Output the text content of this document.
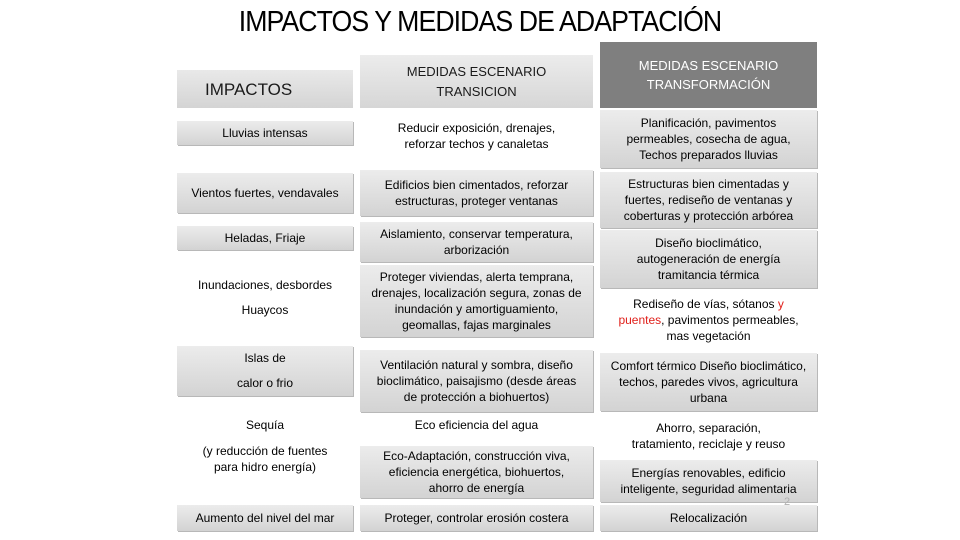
IMPACTOS Y MEDIDAS DE ADAPTACIÓN
IMPACTOS
MEDIDAS ESCENARIO TRANSICION
MEDIDAS ESCENARIO TRANSFORMACIÓN
Lluvias intensas
Vientos fuertes, vendavales
Heladas, Friaje
Inundaciones, desbordes
Huaycos
Islas de
calor o frio
Sequía
(y reducción de fuentes para hidro energía)
Aumento del nivel del mar
Reducir exposición, drenajes, reforzar techos y canaletas
Edificios bien cimentados, reforzar estructuras, proteger ventanas
Aislamiento, conservar temperatura, arborización
Proteger viviendas, alerta temprana, drenajes, localización segura, zonas de inundación y amortiguamiento, geomallas, fajas marginales
Ventilación natural y sombra, diseño bioclimático, paisajismo (desde áreas de protección a biohuertos)
Eco eficiencia del agua
Eco-Adaptación, construcción viva, eficiencia energética, biohuertos, ahorro de energía
Proteger, controlar erosión costera
Planificación, pavimentos permeables, cosecha de agua, Techos preparados lluvias
Estructuras bien cimentadas y fuertes, rediseño de ventanas y coberturas y protección arbórea
Diseño bioclimático, autogeneración de energía tramitancia térmica
Rediseño de vías, sótanos y puentes, pavimentos permeables, mas vegetación
Comfort térmico Diseño bioclimático, techos, paredes vivos, agricultura urbana
Ahorro, separación, tratamiento, reciclaje y reuso
Energías renovables, edificio inteligente, seguridad alimentaria
Relocalización
2
